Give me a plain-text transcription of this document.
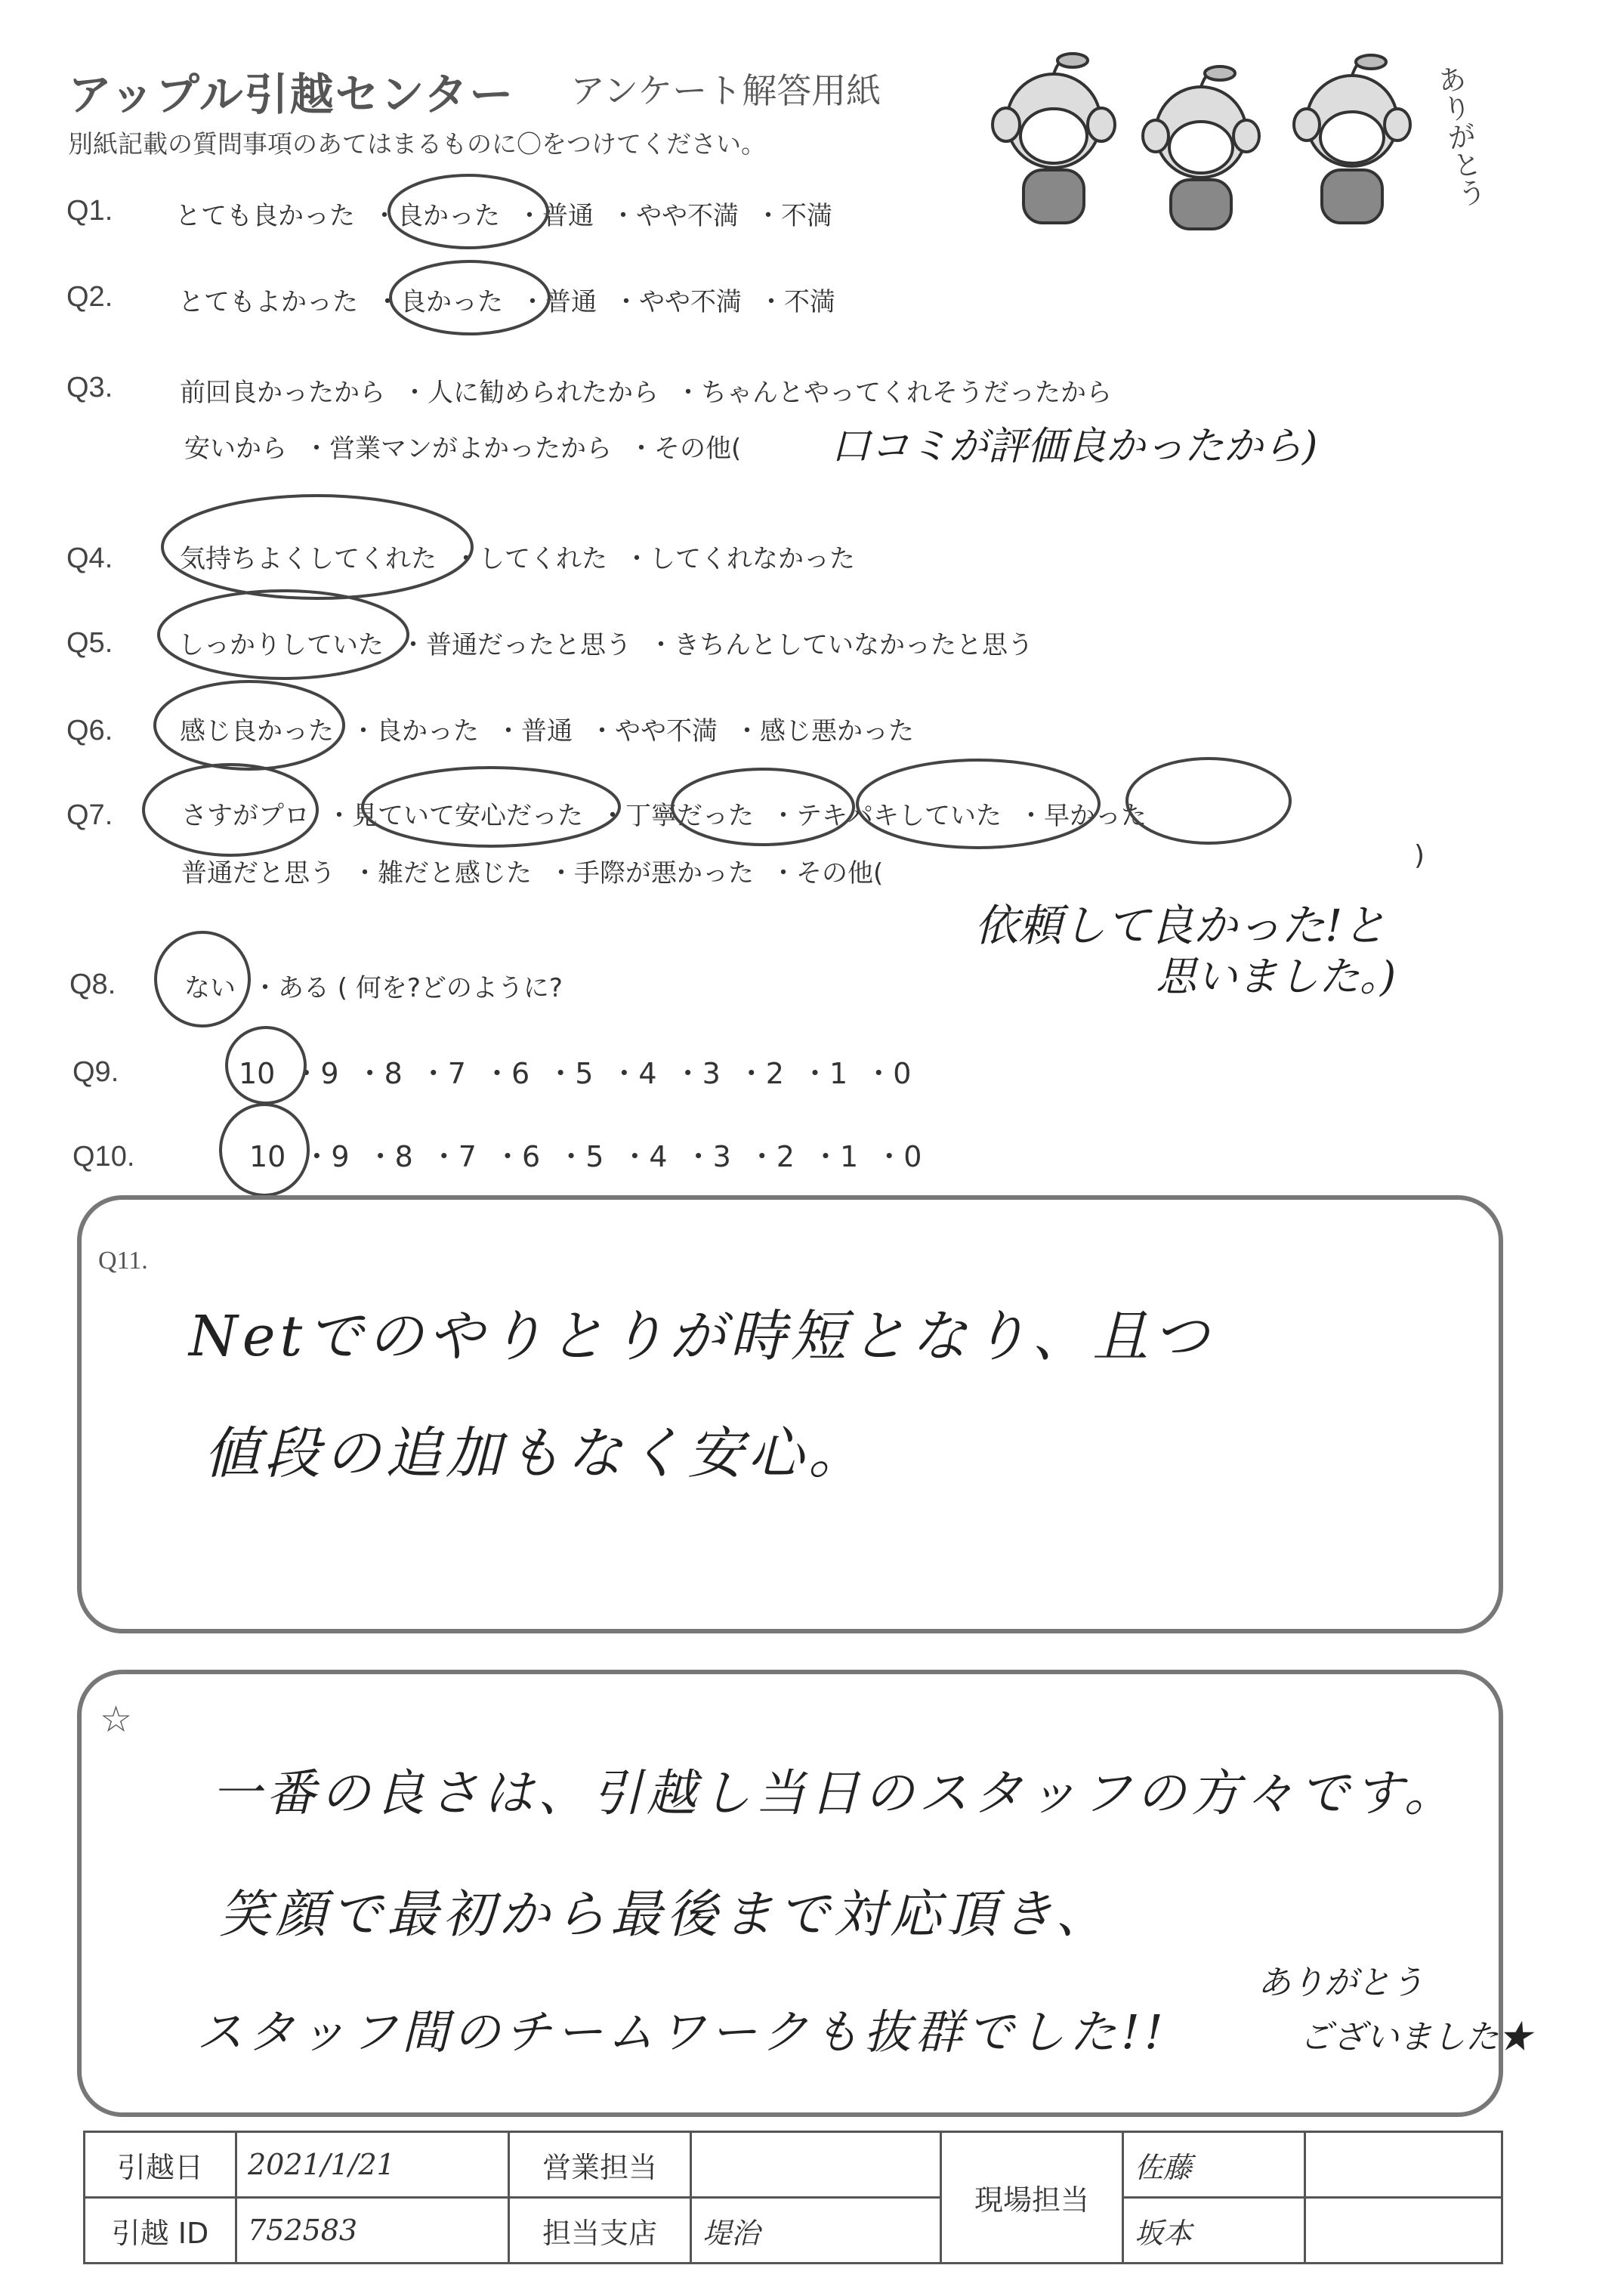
アップル引越センター アンケート解答用紙
別紙記載の質問事項のあてはまるものに〇をつけてください。	ありがとう
Q1. とても良かった ・良かった ・普通 ・やや不満 ・不満
Q2.	とてもよかった ・良かった ・普通 ・やや不満 ・不満
Q3.	前回良かったから ・人に勧められたから ・ちゃんとやってくれそうだったから
安いから ・営業マンがよかったから ・その他( 口コミが評価良かったから)
Q4.	気持ちよくしてくれた ・してくれた ・してくれなかった
Q5.	しっかりしていた ・普通だったと思う ・きちんとしていなかったと思う
Q6.	感じ良かった ・良かった ・普通 ・やや不満 ・感じ悪かった
Q7.	さすがプロ ・見ていて安心だった ・丁寧だった ・テキパキしていた ・早かった
普通だと思う ・雑だと感じた ・手際が悪かった ・その他(
)
依頼して良かった!と
思いました。)
Q8.	ない ・ある ( 何を?どのように?
Q9.	10 ・9 ・8 ・7 ・6 ・5 ・4 ・3 ・2 ・1 ・0
Q10.	10 ・9 ・8 ・7 ・6 ・5 ・4 ・3 ・2 ・1 ・0
Q11.
Netでのやりとりが時短となり、且つ
値段の追加もなく安心。
☆
一番の良さは、引越し当日のスタッフの方々です。
笑顔で最初から最後まで対応頂き、
スタッフ間のチームワークも抜群でした!!
ありがとう
ございました★
引越日	2021/1/21	営業担当		現場担当	佐藤	
引越 ID	752583	担当支店	堤治		坂本	
